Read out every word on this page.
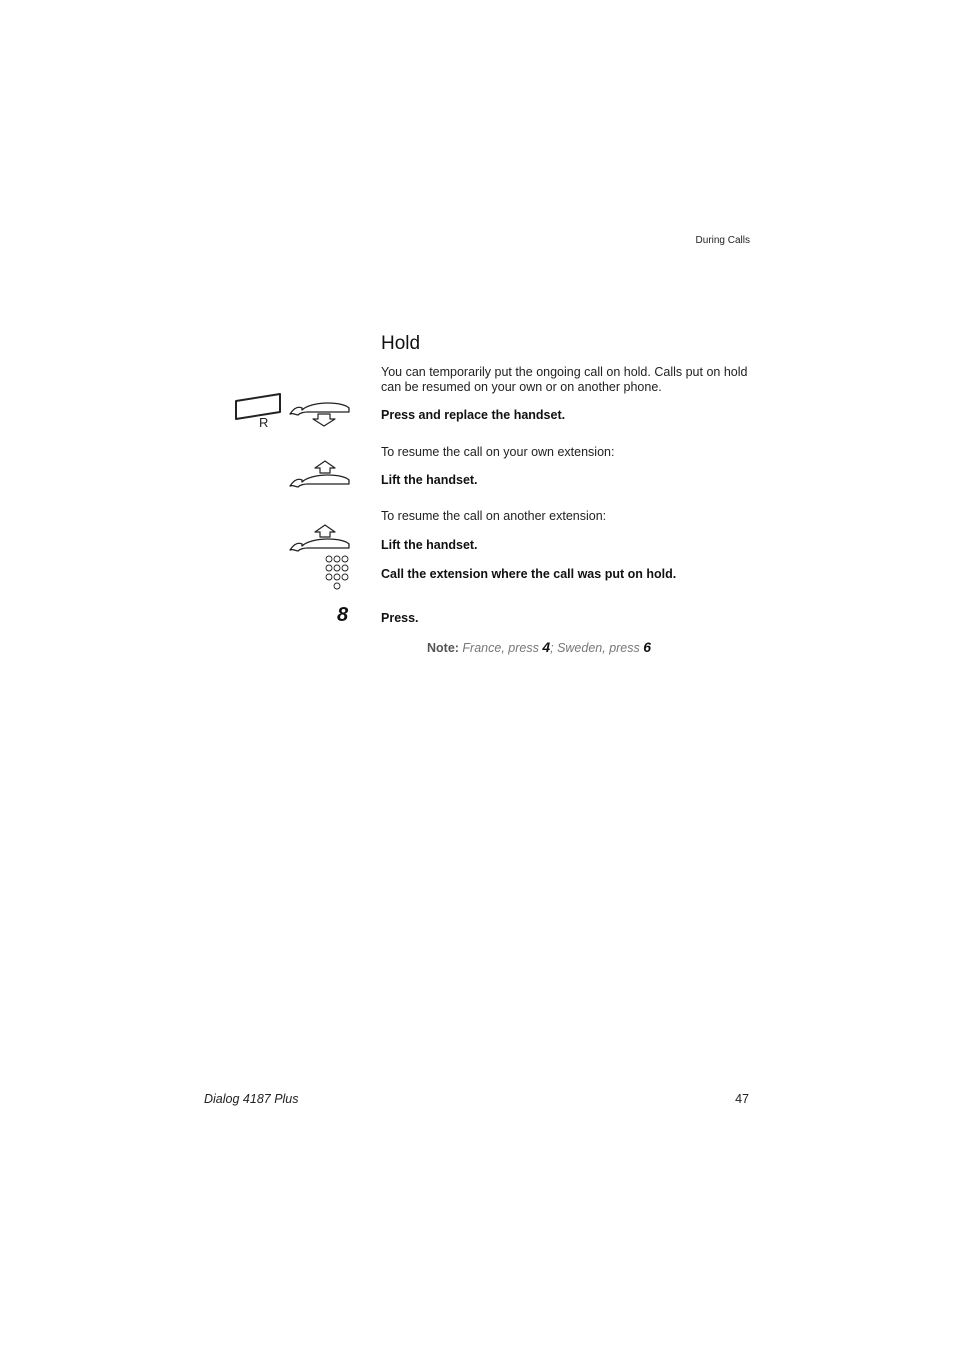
During Calls
Hold
You can temporarily put the ongoing call on hold. Calls put on hold can be resumed on your own or on another phone.
R	Press and replace the handset.
To resume the call on your own extension:
Lift the handset.
To resume the call on another extension:
Lift the handset.
Call the extension where the call was put on hold.
8	Press.
Note: France, press 4; Sweden, press 6
Dialog 4187 Plus	47
